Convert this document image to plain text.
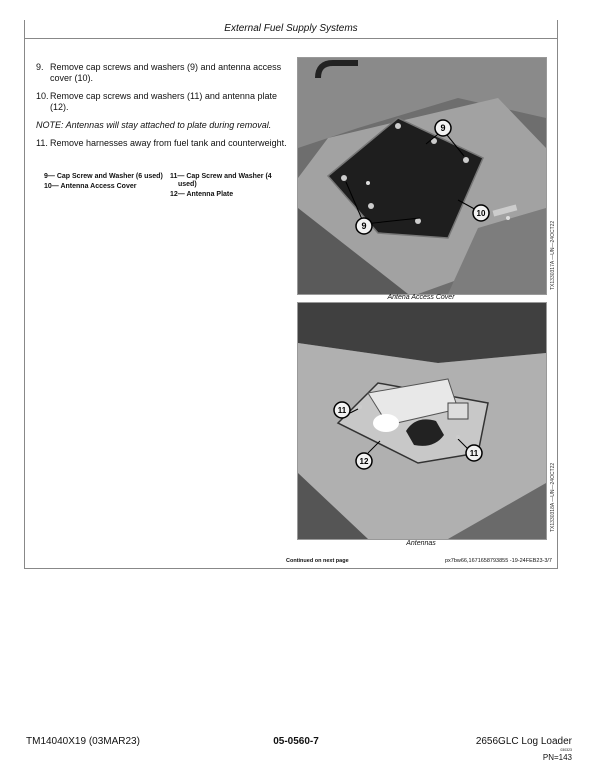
External Fuel Supply Systems
9. Remove cap screws and washers (9) and antenna access cover (10).
10. Remove cap screws and washers (11) and antenna plate (12).
NOTE: Antennas will stay attached to plate during removal.
11. Remove harnesses away from fuel tank and counterweight.
9— Cap Screw and Washer (6 used)
10— Antenna Access Cover
11— Cap Screw and Washer (4 used)
12— Antenna Plate
9
9
10
Antena Access Cover
TX1330317A —UN—24OCT22
11
11
12
Antennas
TX1330318A —UN—24OCT22
Continued on next page	px7bw66,1671658793855 -19-24FEB23-3/7
TM14040X19 (03MAR23)	05-0560-7	2656GLC Log Loader
030323
PN=143
